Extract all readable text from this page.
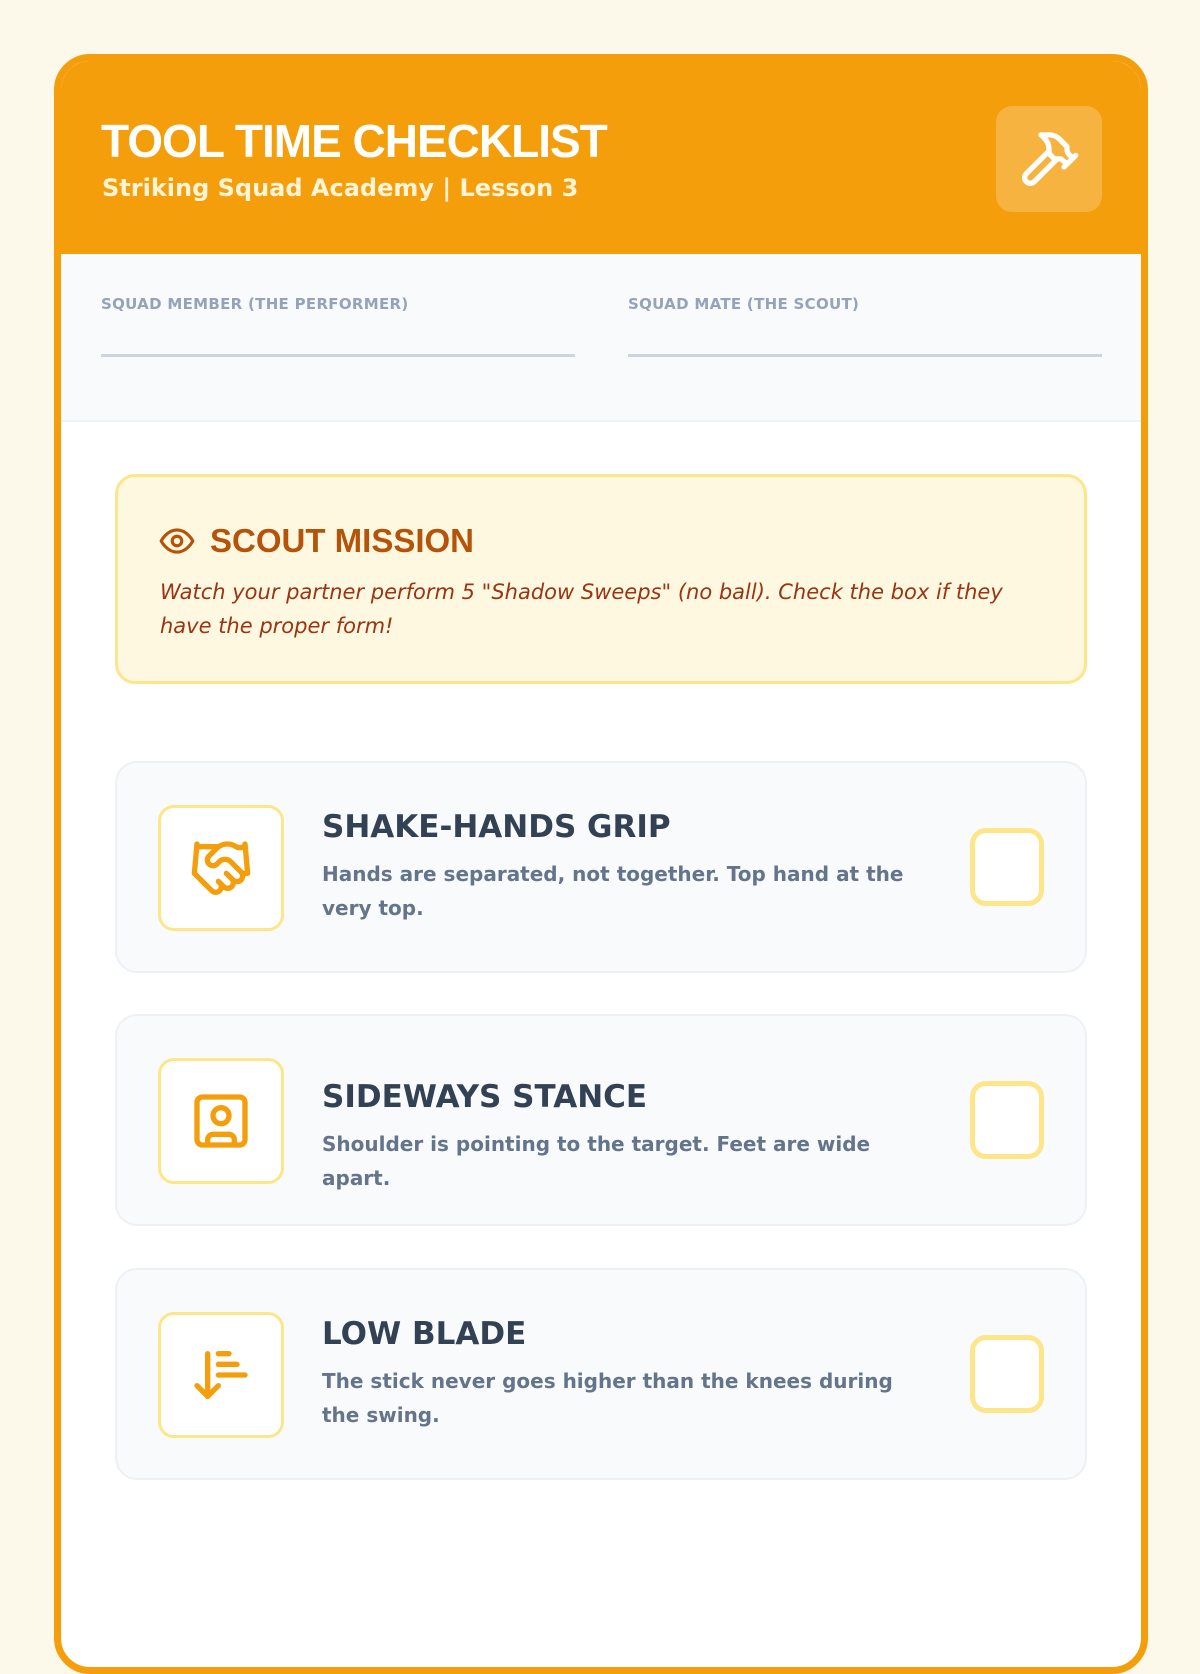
TOOL TIME CHECKLIST
Striking Squad Academy | Lesson 3
SQUAD MEMBER (THE PERFORMER)	SQUAD MATE (THE SCOUT)
SCOUT MISSION
Watch your partner perform 5 "Shadow Sweeps" (no ball). Check the box if they have the proper form!
SHAKE-HANDS GRIP
Hands are separated, not together. Top hand at the very top.
SIDEWAYS STANCE
Shoulder is pointing to the target. Feet are wide apart.
LOW BLADE
The stick never goes higher than the knees during the swing.
